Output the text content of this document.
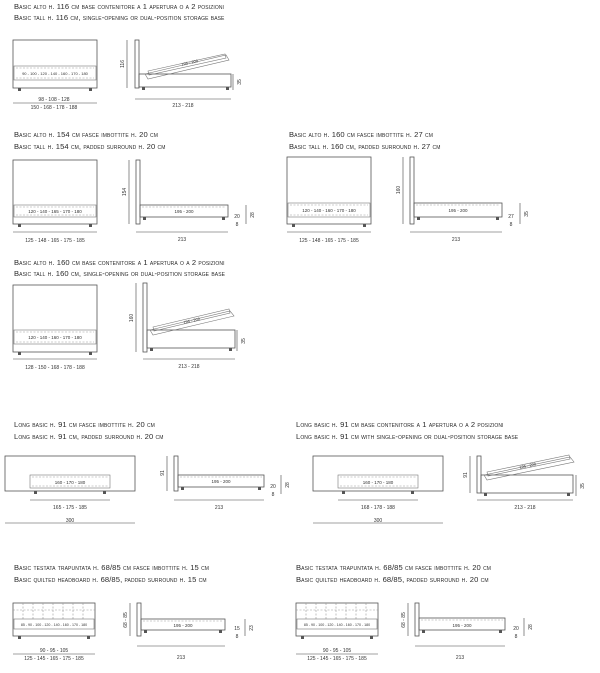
Basic alto h. 116 cm base contenitore a 1 apertura o a 2 posizioni
Basic tall h. 116 cm, single-opening or dual-position storage base
Basic alto h. 154 cm fasce imbottite h. 20 cm
Basic tall h. 154 cm, padded surround h. 20 cm
Basic alto h. 160 cm fasce imbottite h. 27 cm
Basic tall h. 160 cm, padded surround h. 27 cm
Basic alto h. 160 cm base contenitore a 1 apertura o a 2 posizioni
Basic tall h. 160 cm, single-opening or dual-position storage base
Long basic h. 91 cm fasce imbottite h. 20 cm
Long basic h. 91 cm, padded surround h. 20 cm
Long basic h. 91 cm base contenitore a 1 apertura o a 2 posizioni
Long basic h. 91 cm with single-opening or dual-position storage base
Basic testata trapuntata h. 68/85 cm fasce imbottite h. 15 cm
Basic quilted headboard h. 68/85, padded surround h. 15 cm
Basic testata trapuntata h. 68/85 cm fasce imbottite h. 20 cm
Basic quilted headboard h. 68/85, padded surround h. 20 cm
90 - 100 - 120 - 140 - 160 - 170 - 180
98 - 108 - 128
150 - 168 - 178 - 188
116	195 - 200
35
213 - 218
120 - 140 - 165 - 170 - 180
125 - 148 - 165 - 175 - 185
154
195 - 200
20
8
28
213
120 - 140 - 160 - 170 - 180
125 - 148 - 165 - 175 - 185
160
195 - 200
27
8
35
213
120 - 140 - 160 - 170 - 180
128 - 150 - 168 - 178 - 188
160	195 - 200
35
213 - 218
160 - 170 - 180
165 - 175 - 185
300
91
195 - 200
20
8
28
213
160 - 170 - 180
168 - 178 - 188
300
91
195 - 200
35
213 - 218
85 - 90 - 100 - 120 - 140 - 160 - 170 - 180
90 - 95 - 105
125 - 145 - 165 - 175 - 185
68 - 85	195 - 200
15
8
23
213
85 - 90 - 100 - 120 - 140 - 160 - 170 - 180
90 - 95 - 105
125 - 145 - 165 - 175 - 185
68 - 85	195 - 200
20
8
28
213
